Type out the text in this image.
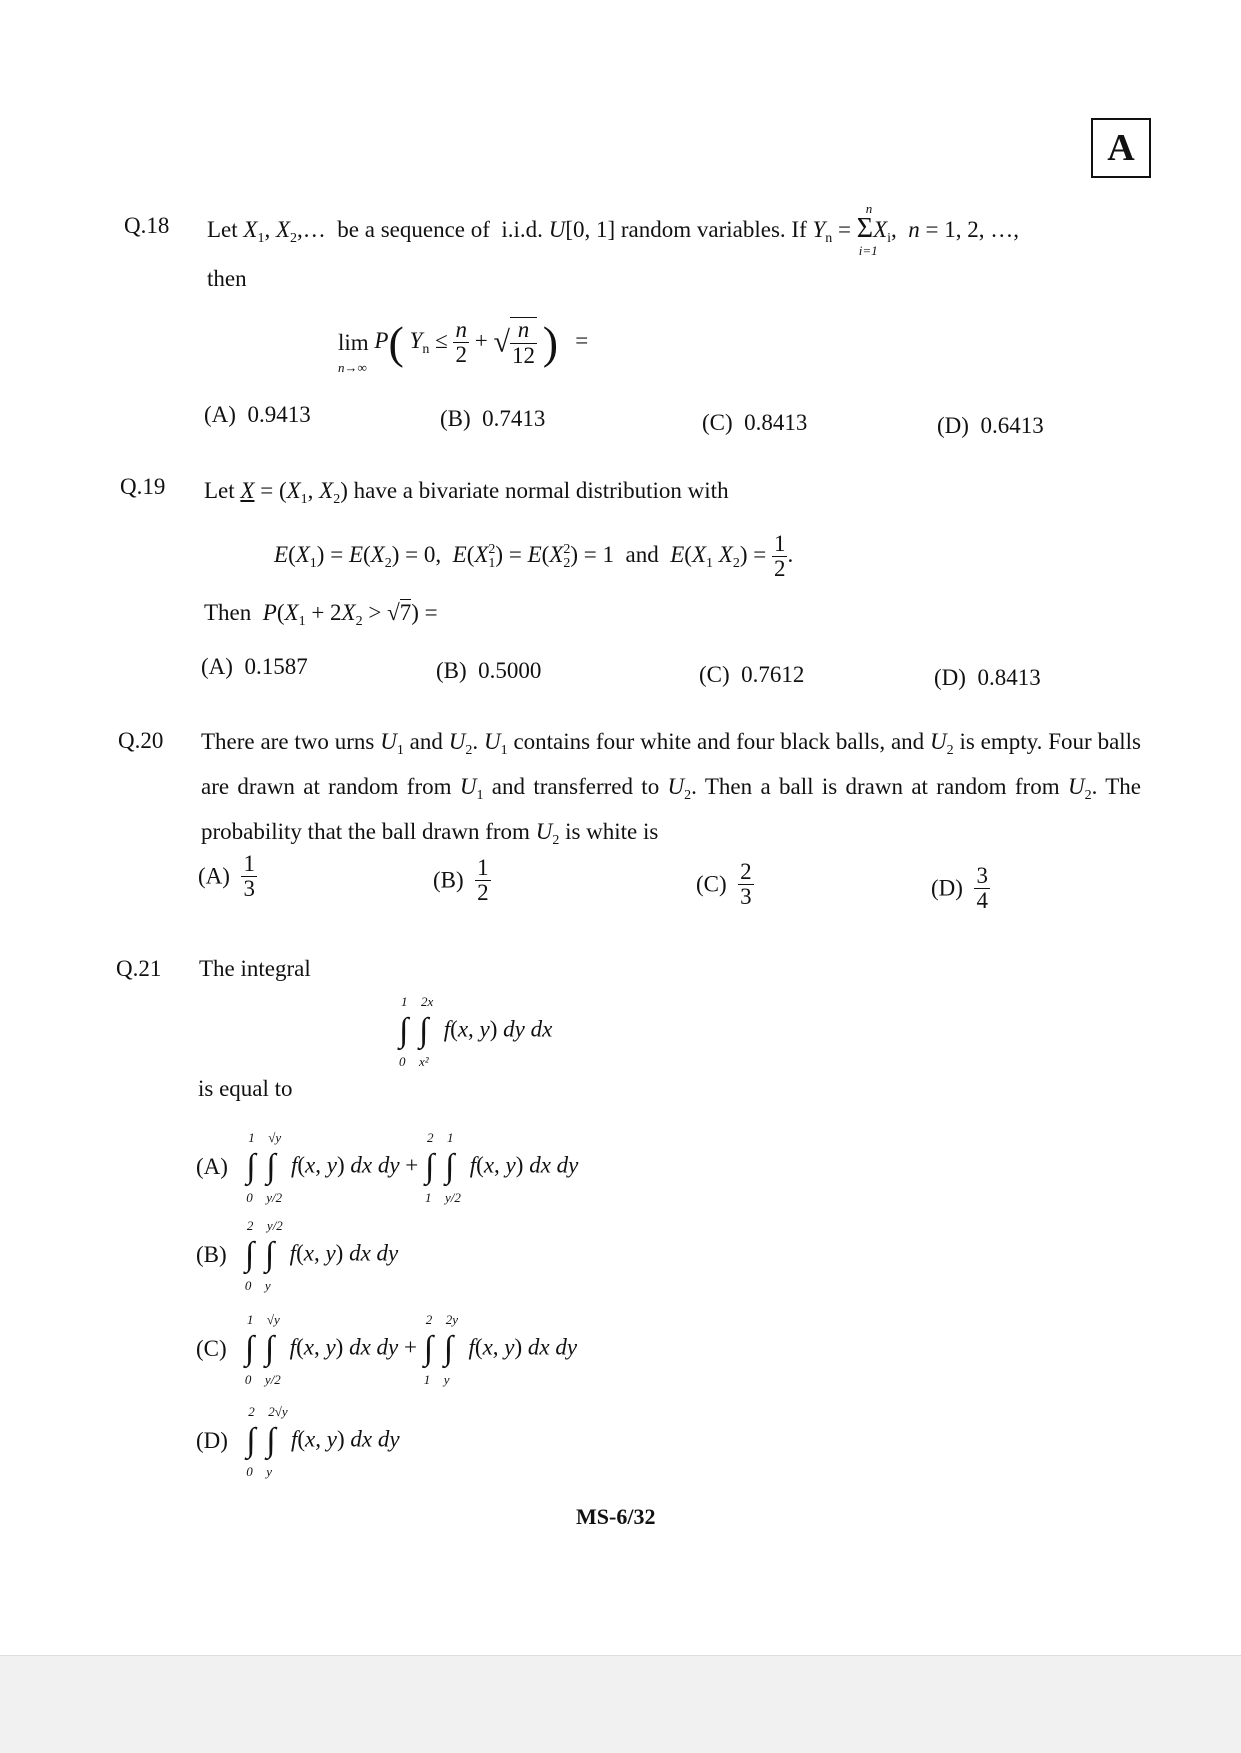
A
Q.18 Let $X_1$, $X_2,\dots$  be a sequence of  i.i.d. U[0, 1] random variables. If $Y_n = \Sigma$
n
i=1
$X_i$,  n = 1, 2, …,
then
lim
n→∞
P( $Y_n \le \frac{n}{2}$ + √ $\frac{n}{12}$ )   =
(A) 0.9413	(B) 0.7413	(C) 0.8413	(D) 0.6413
Q.19 Let $X = (X_1$, $X_2$) have a bivariate normal distribution with
$E(X_1) = E(X_2) = 0$,  $E(X^2_1) = E(X^2_2) = 1$  and  $E(X_1$ $X_2) = \frac{1}{2}$ .
Then  $P(X_1 + 2X_2 > √7)$ =
(A) 0.1587	(B) 0.5000	(C) 0.7612	(D) 0.8413
Q.20 There are two urns $U_1$ and $U_2$. $U_1$ contains four white and four black balls, and $U_2$ is empty. Four balls are drawn at random from $U_1$ and transferred to $U_2$. Then a ball is drawn at random from $U_2$. The probability that the ball drawn from $U_2$ is white is
$(A) \frac{1}{3}$	$(B) \frac{1}{2}$	$(C) \frac{2}{3}$	$(D) \frac{3}{4}$
Q.21 The integral
1
∫
0
2x
∫
x²
f(x, y) dy dx
is equal to
(A)
1
∫
0
√y
∫
y/2
f(x, y) dx dy +
2
∫
1
1
∫
y/2
f(x, y) dx dy
(B)
2
∫
0
y/2
∫
y
f(x, y) dx dy
(C)
1
∫
0
√y
∫
y/2
f(x, y) dx dy +
2
∫
1
2y
∫
y
f(x, y) dx dy
(D)
2
∫
0
2√y
∫
y
f(x, y) dx dy
MS-6/32
